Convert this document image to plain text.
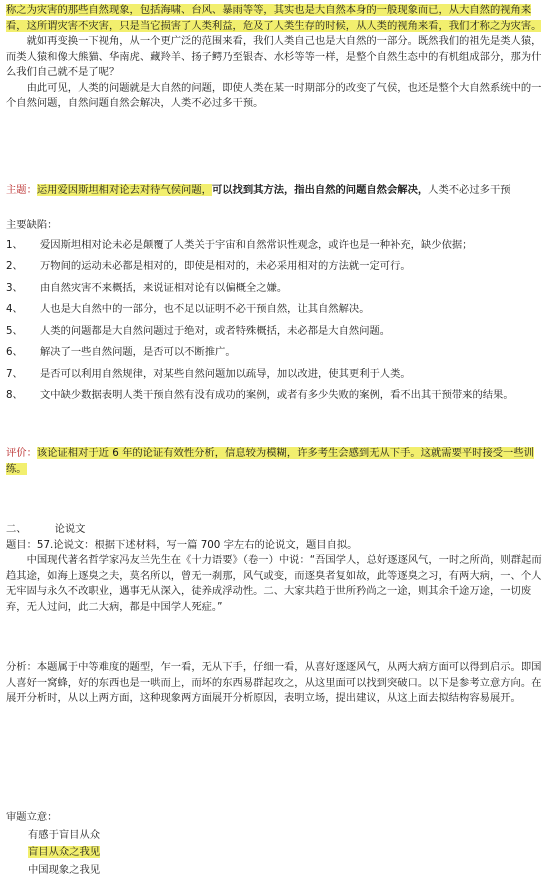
称之为灾害的那些自然现象，包括海啸、台风、暴雨等等，其实也是大自然本身的一般现象而已，从大自然的视角来看，这所谓灾害不灾害，只是当它损害了人类利益，危及了人类生存的时候，从人类的视角来看，我们才称之为灾害。

就如再变换一下视角，从一个更广泛的范围来看，我们人类自己也是大自然的一部分。既然我们的祖先是类人猿，而类人猿和像大熊猫、华南虎、藏羚羊、扬子鳄乃至银杏、水杉等等一样，是整个自然生态中的有机组成部分，那为什么我们自己就不是了呢？

由此可见，人类的问题就是大自然的问题，即使人类在某一时期部分的改变了气侯，也还是整个大自然系统中的一个自然问题，自然问题自然会解决，人类不必过多干预。

主题：运用爱因斯坦相对论去对待气侯问题，可以找到其方法，指出自然的问题自然会解决，人类不必过多干预

主要缺陷：

1、 爱因斯坦相对论未必是颠覆了人类关于宇宙和自然常识性观念，或许也是一种补充，缺少依据；

2、 万物间的运动未必都是相对的，即使是相对的，未必采用相对的方法就一定可行。

3、 由自然灾害不来概括，来说证相对论有以偏概全之嫌。

4、 人也是大自然中的一部分，也不足以证明不必干预自然，让其自然解决。

5、 人类的问题都是大自然问题过于绝对，或者特殊概括，未必都是大自然问题。

6、 解决了一些自然问题，是否可以不断推广。

7、 是否可以利用自然规律，对某些自然问题加以疏导，加以改进，使其更利于人类。

8、 文中缺少数据表明人类干预自然有没有成功的案例，或者有多少失败的案例，看不出其干预带来的结果。

评价：该论证相对于近 6 年的论证有效性分析，信息较为模糊，许多考生会感到无从下手。这就需要平时接受一些训练。

二、	论说文

题目：57.论说文：根据下述材料，写一篇 700 字左右的论说文，题目自拟。

中国现代著名哲学家冯友兰先生在《十力语要》（卷一）中说：“吾国学人，总好逐逐风气，一时之所尚，则群起而趋其途，如海上逐臭之夫，莫名所以，曾无一刹那，风气或变，而逐臭者复如故，此等逐臭之习，有两大病，一、个人无牢固与永久不改职业，遇事无从深入，徒养成浮动性。二、大家共趋于世所矜尚之一途，则其余千途万途，一切废弃，无人过问，此二大病，都是中国学人死症。”

分析：本题属于中等难度的题型，乍一看，无从下手，仔细一看，从喜好逐逐风气，从两大病方面可以得到启示。即国人喜好一窝蜂，好的东西也是一哄而上，而坏的东西易群起攻之，从这里面可以找到突破口。以下是参考立意方向。在展开分析时，从以上两方面，这种现象两方面展开分析原因，表明立场，提出建议，从这上面去拟结构容易展开。

审题立意：

有感于盲目从众

盲目从众之我见

中国现象之我见
